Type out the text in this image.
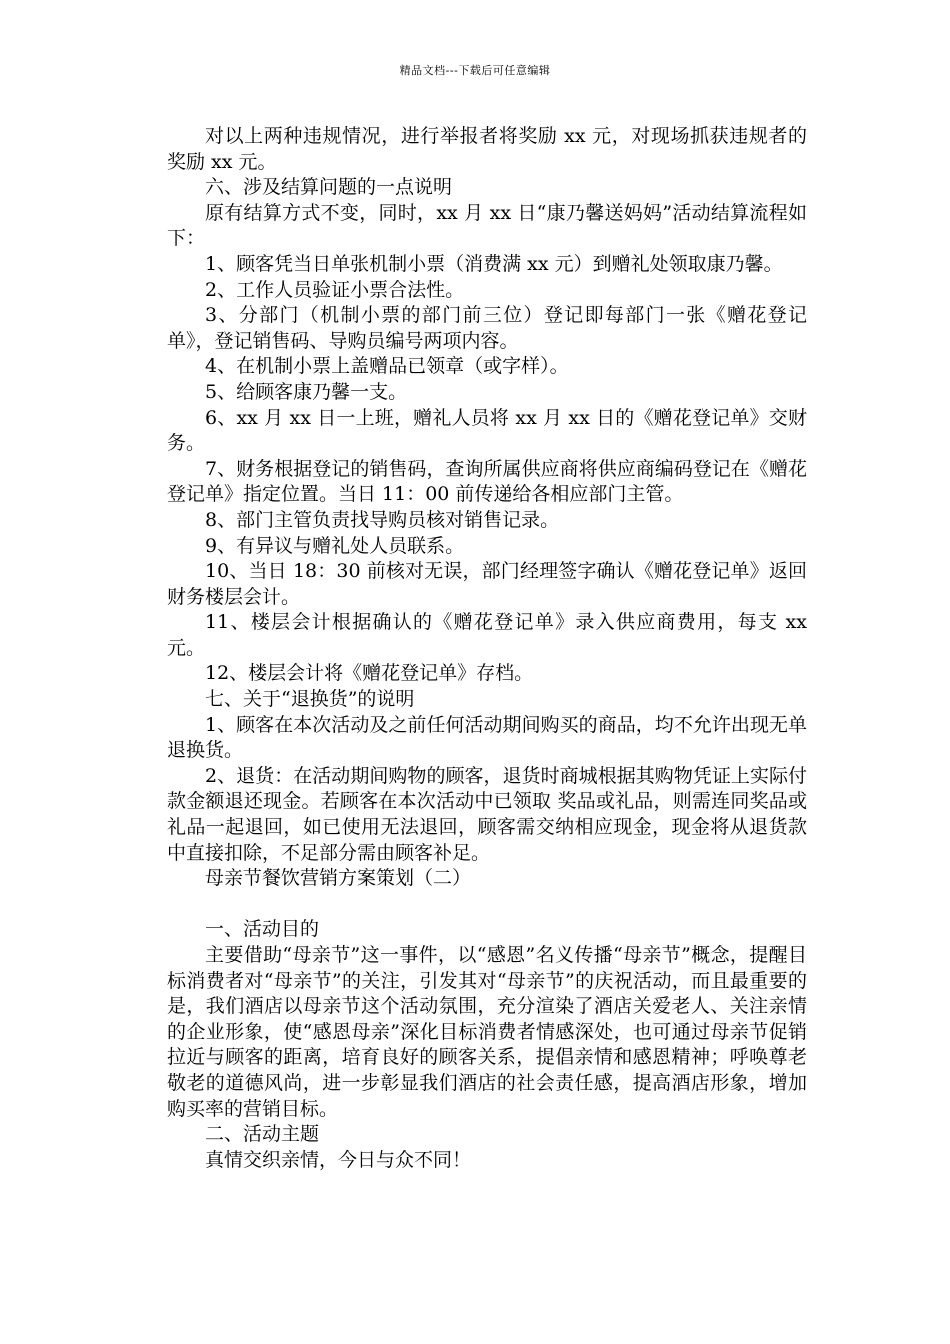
精品文档---下载后可任意编辑

对以上两种违规情况，进行举报者将奖励 xx 元，对现场抓获违规者的奖励 xx 元。

六、涉及结算问题的一点说明

原有结算方式不变，同时，xx 月 xx 日“康乃馨送妈妈”活动结算流程如下：

1、顾客凭当日单张机制小票（消费满 xx 元）到赠礼处领取康乃馨。

2、工作人员验证小票合法性。

3、分部门（机制小票的部门前三位）登记即每部门一张《赠花登记单》，登记销售码、导购员编号两项内容。

4、在机制小票上盖赠品已领章（或字样）。

5、给顾客康乃馨一支。

6、xx 月 xx 日一上班，赠礼人员将 xx 月 xx 日的《赠花登记单》交财务。

7、财务根据登记的销售码，查询所属供应商将供应商编码登记在《赠花登记单》指定位置。当日 11：00 前传递给各相应部门主管。

8、部门主管负责找导购员核对销售记录。

9、有异议与赠礼处人员联系。

10、当日 18：30 前核对无误，部门经理签字确认《赠花登记单》返回财务楼层会计。

11、楼层会计根据确认的《赠花登记单》录入供应商费用，每支 xx 元。

12、楼层会计将《赠花登记单》存档。

七、关于“退换货”的说明

1、顾客在本次活动及之前任何活动期间购买的商品，均不允许出现无单退换货。

2、退货：在活动期间购物的顾客，退货时商城根据其购物凭证上实际付款金额退还现金。若顾客在本次活动中已领取 奖品或礼品，则需连同奖品或礼品一起退回，如已使用无法退回，顾客需交纳相应现金，现金将从退货款中直接扣除，不足部分需由顾客补足。

母亲节餐饮营销方案策划（二）

一、活动目的

主要借助“母亲节”这一事件，以“感恩”名义传播“母亲节”概念，提醒目标消费者对“母亲节”的关注，引发其对“母亲节”的庆祝活动，而且最重要的是，我们酒店以母亲节这个活动氛围，充分渲染了酒店关爱老人、关注亲情的企业形象，使“感恩母亲”深化目标消费者情感深处，也可通过母亲节促销拉近与顾客的距离，培育良好的顾客关系，提倡亲情和感恩精神；呼唤尊老敬老的道德风尚，进一步彰显我们酒店的社会责任感，提高酒店形象，增加购买率的营销目标。

二、活动主题

真情交织亲情，今日与众不同！
